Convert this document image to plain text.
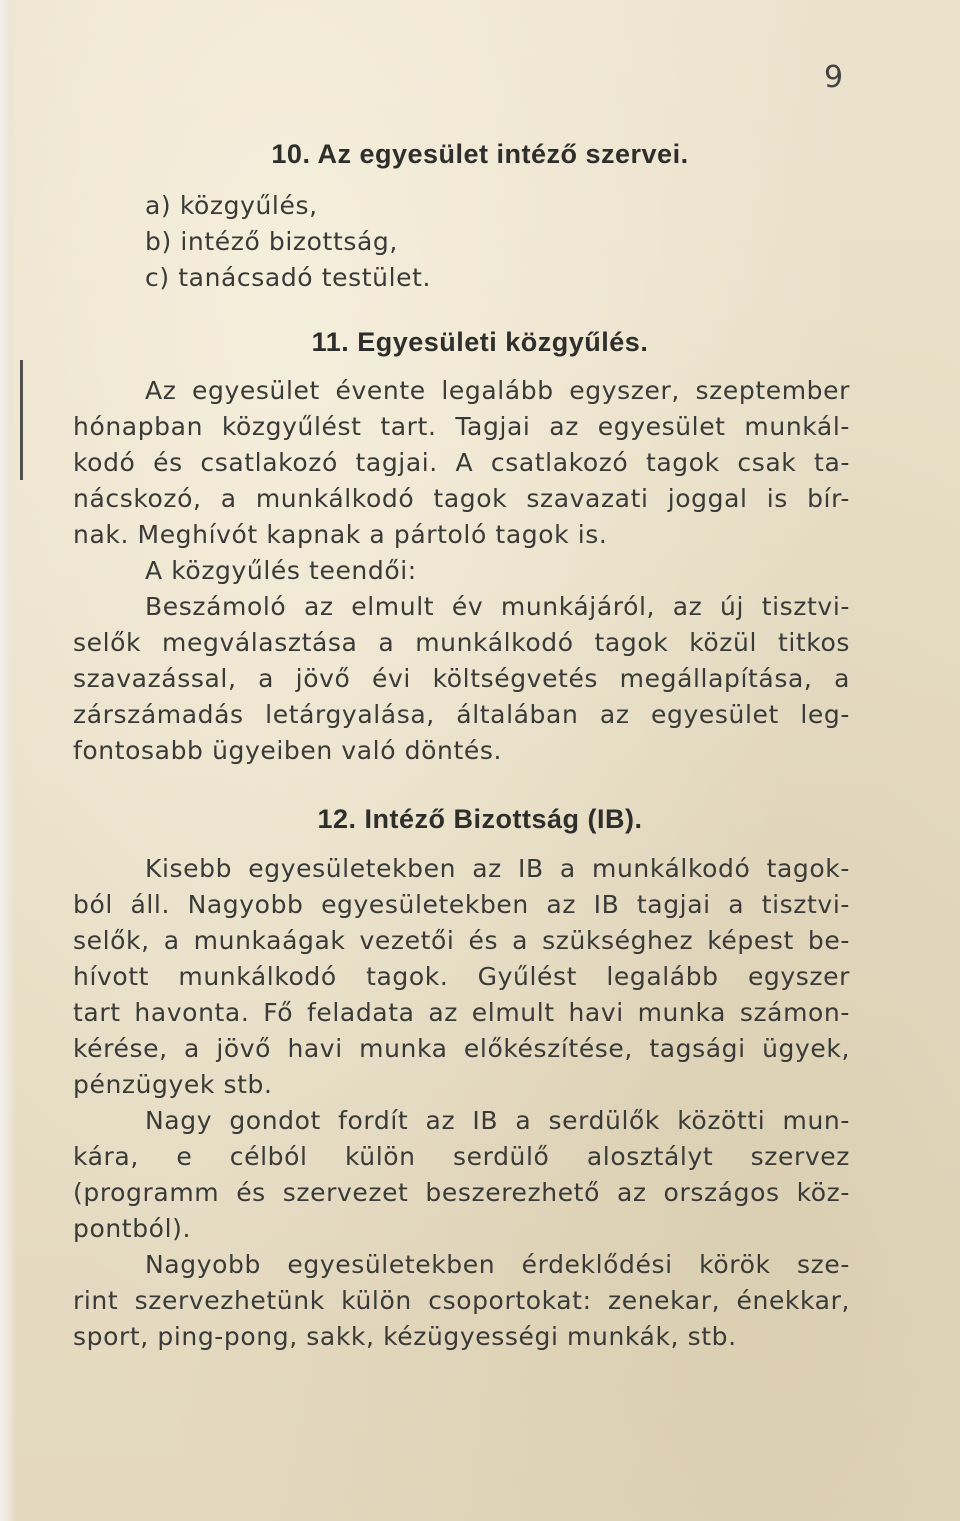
9
10. Az egyesület intéző szervei.
a) közgyűlés,
b) intéző bizottság,
c) tanácsadó testület.
11. Egyesületi közgyűlés.
Az egyesület évente legalább egyszer, szeptember
hónapban közgyűlést tart. Tagjai az egyesület munkál-
kodó és csatlakozó tagjai. A csatlakozó tagok csak ta-
nácskozó, a munkálkodó tagok szavazati joggal is bír-
nak. Meghívót kapnak a pártoló tagok is.
A közgyűlés teendői:
Beszámoló az elmult év munkájáról, az új tisztvi-
selők megválasztása a munkálkodó tagok közül titkos
szavazással, a jövő évi költségvetés megállapítása, a
zárszámadás letárgyalása, általában az egyesület leg-
fontosabb ügyeiben való döntés.
12. Intéző Bizottság (IB).
Kisebb egyesületekben az IB a munkálkodó tagok-
ból áll. Nagyobb egyesületekben az IB tagjai a tisztvi-
selők, a munkaágak vezetői és a szükséghez képest be-
hívott munkálkodó tagok. Gyűlést legalább egyszer
tart havonta. Fő feladata az elmult havi munka számon-
kérése, a jövő havi munka előkészítése, tagsági ügyek,
pénzügyek stb.
Nagy gondot fordít az IB a serdülők közötti mun-
kára, e célból külön serdülő alosztályt szervez
(programm és szervezet beszerezhető az országos köz-
pontból).
Nagyobb egyesületekben érdeklődési körök sze-
rint szervezhetünk külön csoportokat: zenekar, énekkar,
sport, ping-pong, sakk, kézügyességi munkák, stb.
